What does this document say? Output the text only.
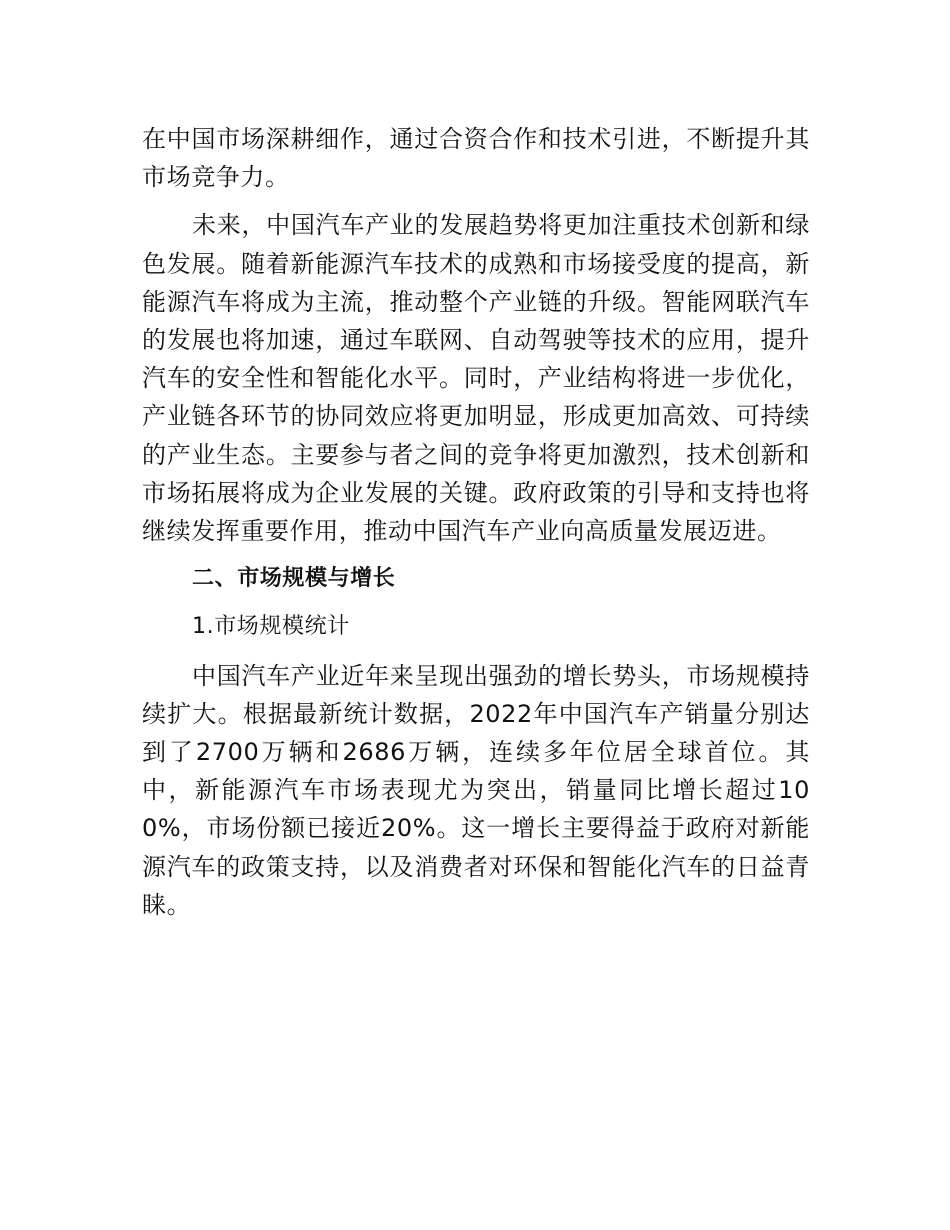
在中国市场深耕细作，通过合资合作和技术引进，不断提升其市场竞争力。

未来，中国汽车产业的发展趋势将更加注重技术创新和绿色发展。随着新能源汽车技术的成熟和市场接受度的提高，新能源汽车将成为主流，推动整个产业链的升级。智能网联汽车的发展也将加速，通过车联网、自动驾驶等技术的应用，提升汽车的安全性和智能化水平。同时，产业结构将进一步优化，产业链各环节的协同效应将更加明显，形成更加高效、可持续的产业生态。主要参与者之间的竞争将更加激烈，技术创新和市场拓展将成为企业发展的关键。政府政策的引导和支持也将继续发挥重要作用，推动中国汽车产业向高质量发展迈进。

二、市场规模与增长

1.市场规模统计

中国汽车产业近年来呈现出强劲的增长势头，市场规模持续扩大。根据最新统计数据，2022年中国汽车产销量分别达到了2700万辆和2686万辆，连续多年位居全球首位。其中，新能源汽车市场表现尤为突出，销量同比增长超过100%，市场份额已接近20%。这一增长主要得益于政府对新能源汽车的政策支持，以及消费者对环保和智能化汽车的日益青睐。
